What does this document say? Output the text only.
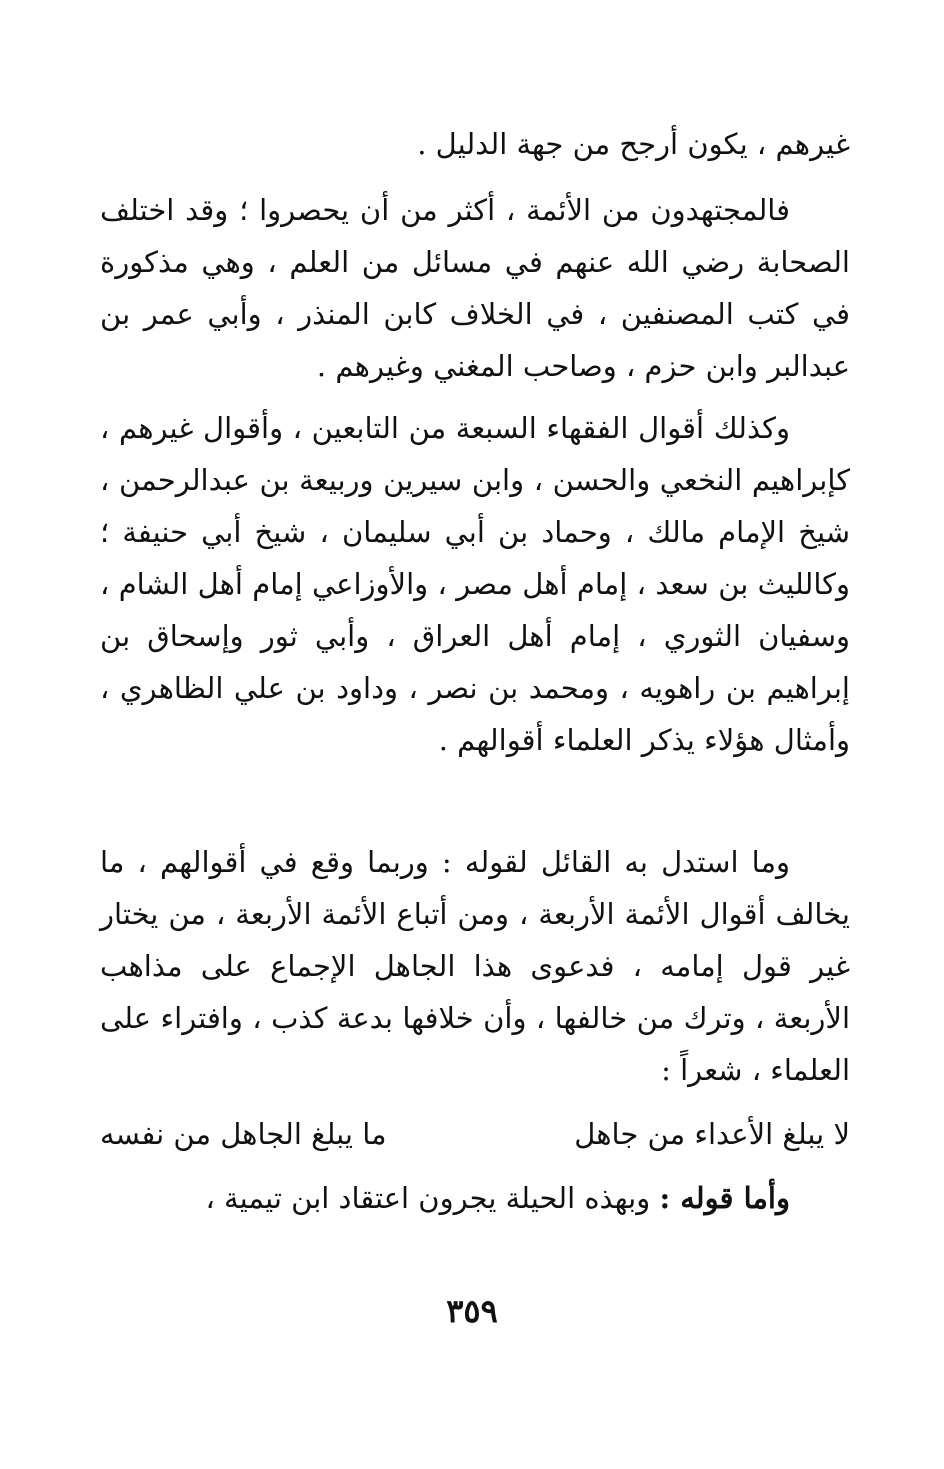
غيرهم ، يكون أرجح من جهة الدليل .

فالمجتهدون من الأئمة ، أكثر من أن يحصروا ؛ وقد اختلف الصحابة رضي الله عنهم في مسائل من العلم ، وهي مذكورة في كتب المصنفين ، في الخلاف كابن المنذر ، وأبي عمر بن عبدالبر وابن حزم ، وصاحب المغني وغيرهم .

وكذلك أقوال الفقهاء السبعة من التابعين ، وأقوال غيرهم ، كإبراهيم النخعي والحسن ، وابن سيرين وربيعة بن عبدالرحمن ، شيخ الإمام مالك ، وحماد بن أبي سليمان ، شيخ أبي حنيفة ؛ وكالليث بن سعد ، إمام أهل مصر ، والأوزاعي إمام أهل الشام ، وسفيان الثوري ، إمام أهل العراق ، وأبي ثور وإسحاق بن إبراهيم بن راهويه ، ومحمد بن نصر ، وداود بن علي الظاهري ، وأمثال هؤلاء يذكر العلماء أقوالهم .

وما استدل به القائل لقوله : وربما وقع في أقوالهم ، ما يخالف أقوال الأئمة الأربعة ، ومن أتباع الأئمة الأربعة ، من يختار غير قول إمامه ، فدعوى هذا الجاهل الإجماع على مذاهب الأربعة ، وترك من خالفها ، وأن خلافها بدعة كذب ، وافتراء على العلماء ، شعراً :

لا يبلغ الأعداء من جاهل
ما يبلغ الجاهل من نفسه
وأما قوله : وبهذه الحيلة يجرون اعتقاد ابن تيمية ،
٣٥٩
